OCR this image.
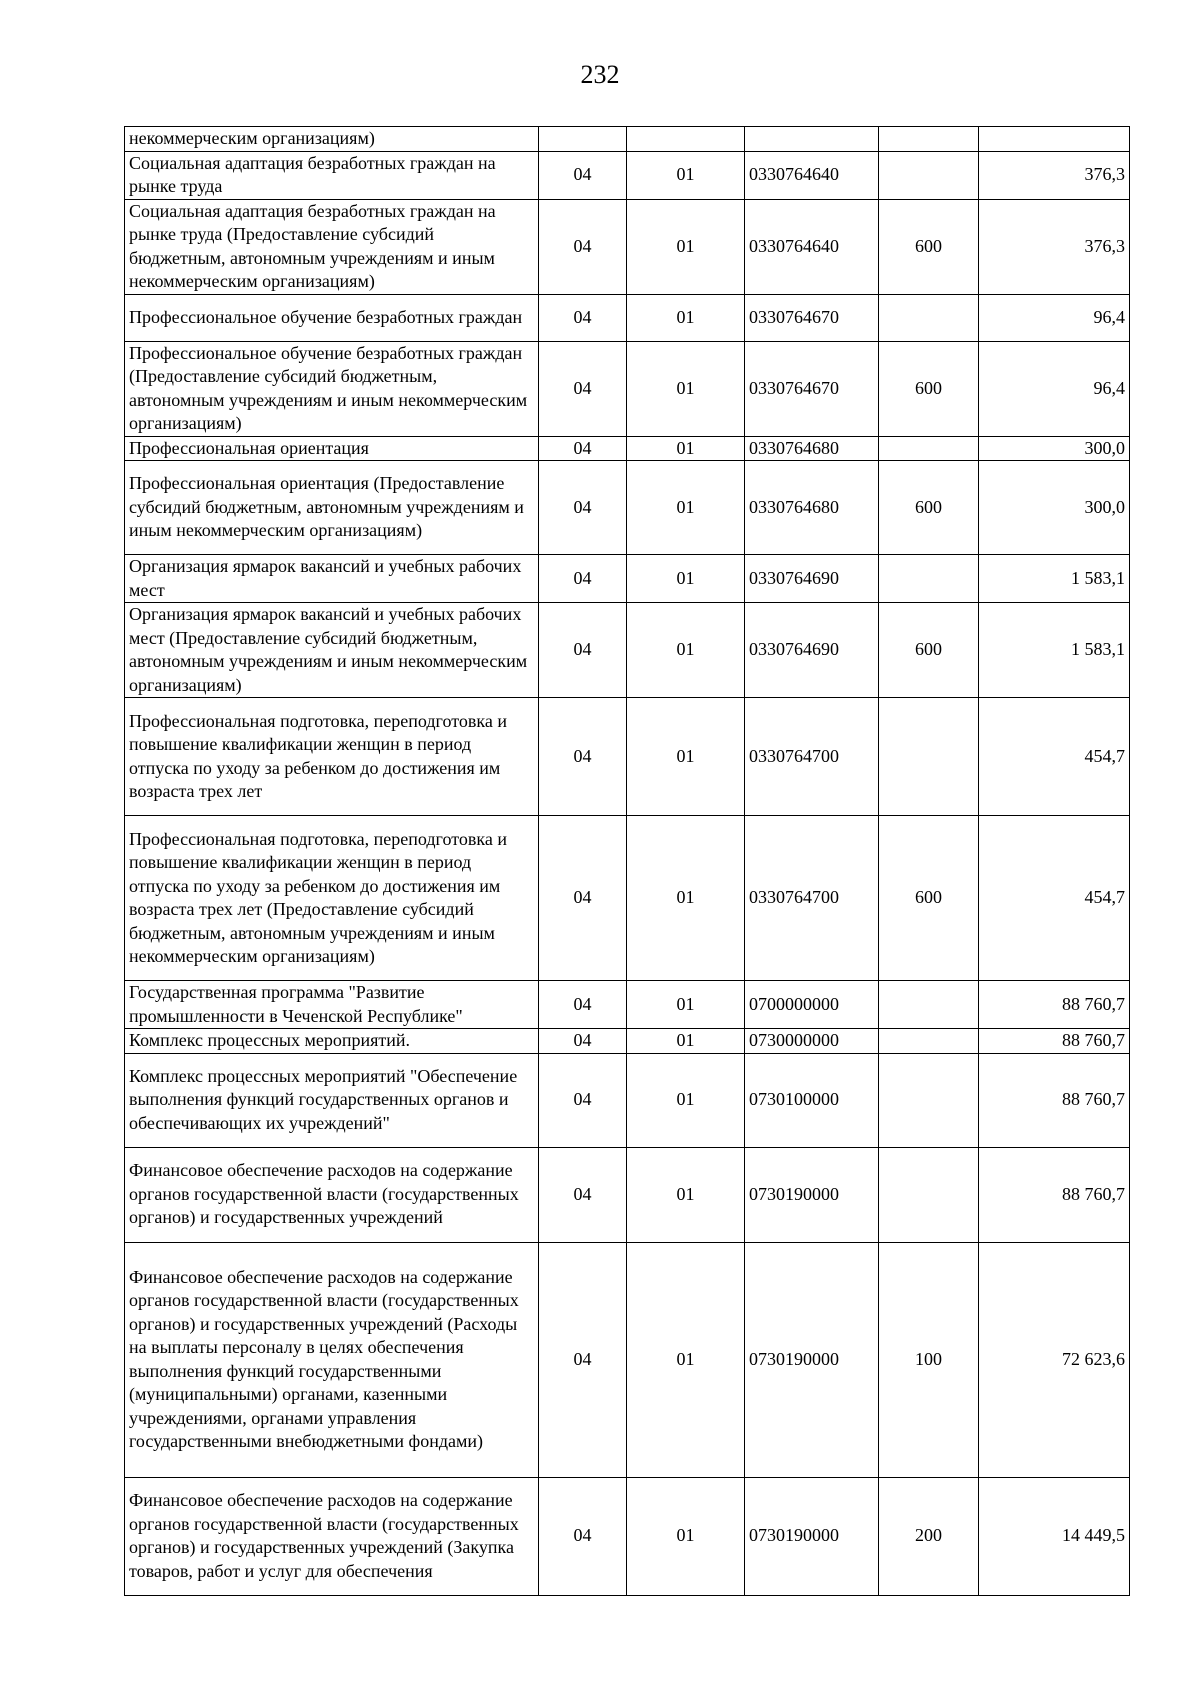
232
некоммерческим организациям)					
Социальная адаптация безработных граждан на рынке труда	04	01	0330764640		376,3
Социальная адаптация безработных граждан на рынке труда (Предоставление субсидий бюджетным, автономным учреждениям и иным некоммерческим организациям)	04	01	0330764640	600	376,3
Профессиональное обучение безработных граждан	04	01	0330764670		96,4
Профессиональное обучение безработных граждан (Предоставление субсидий бюджетным, автономным учреждениям и иным некоммерческим организациям)	04	01	0330764670	600	96,4
Профессиональная ориентация	04	01	0330764680		300,0
Профессиональная ориентация (Предоставление субсидий бюджетным, автономным учреждениям и иным некоммерческим организациям)	04	01	0330764680	600	300,0
Организация ярмарок вакансий и учебных рабочих мест	04	01	0330764690		1 583,1
Организация ярмарок вакансий и учебных рабочих мест (Предоставление субсидий бюджетным, автономным учреждениям и иным некоммерческим организациям)	04	01	0330764690	600	1 583,1
Профессиональная подготовка, переподготовка и повышение квалификации женщин в период отпуска по уходу за ребенком до достижения им возраста трех лет	04	01	0330764700		454,7
Профессиональная подготовка, переподготовка и повышение квалификации женщин в период отпуска по уходу за ребенком до достижения им возраста трех лет (Предоставление субсидий бюджетным, автономным учреждениям и иным некоммерческим организациям)	04	01	0330764700	600	454,7
Государственная программа "Развитие промышленности в Чеченской Республике"	04	01	0700000000		88 760,7
Комплекс процессных мероприятий.	04	01	0730000000		88 760,7
Комплекс процессных мероприятий "Обеспечение выполнения функций государственных органов и обеспечивающих их учреждений"	04	01	0730100000		88 760,7
Финансовое обеспечение расходов на содержание органов государственной власти (государственных органов) и государственных учреждений	04	01	0730190000		88 760,7
Финансовое обеспечение расходов на содержание органов государственной власти (государственных органов) и государственных учреждений (Расходы на выплаты персоналу в целях обеспечения выполнения функций государственными (муниципальными) органами, казенными учреждениями, органами управления государственными внебюджетными фондами)	04	01	0730190000	100	72 623,6
Финансовое обеспечение расходов на содержание органов государственной власти (государственных органов) и государственных учреждений (Закупка товаров, работ и услуг для обеспечения	04	01	0730190000	200	14 449,5
